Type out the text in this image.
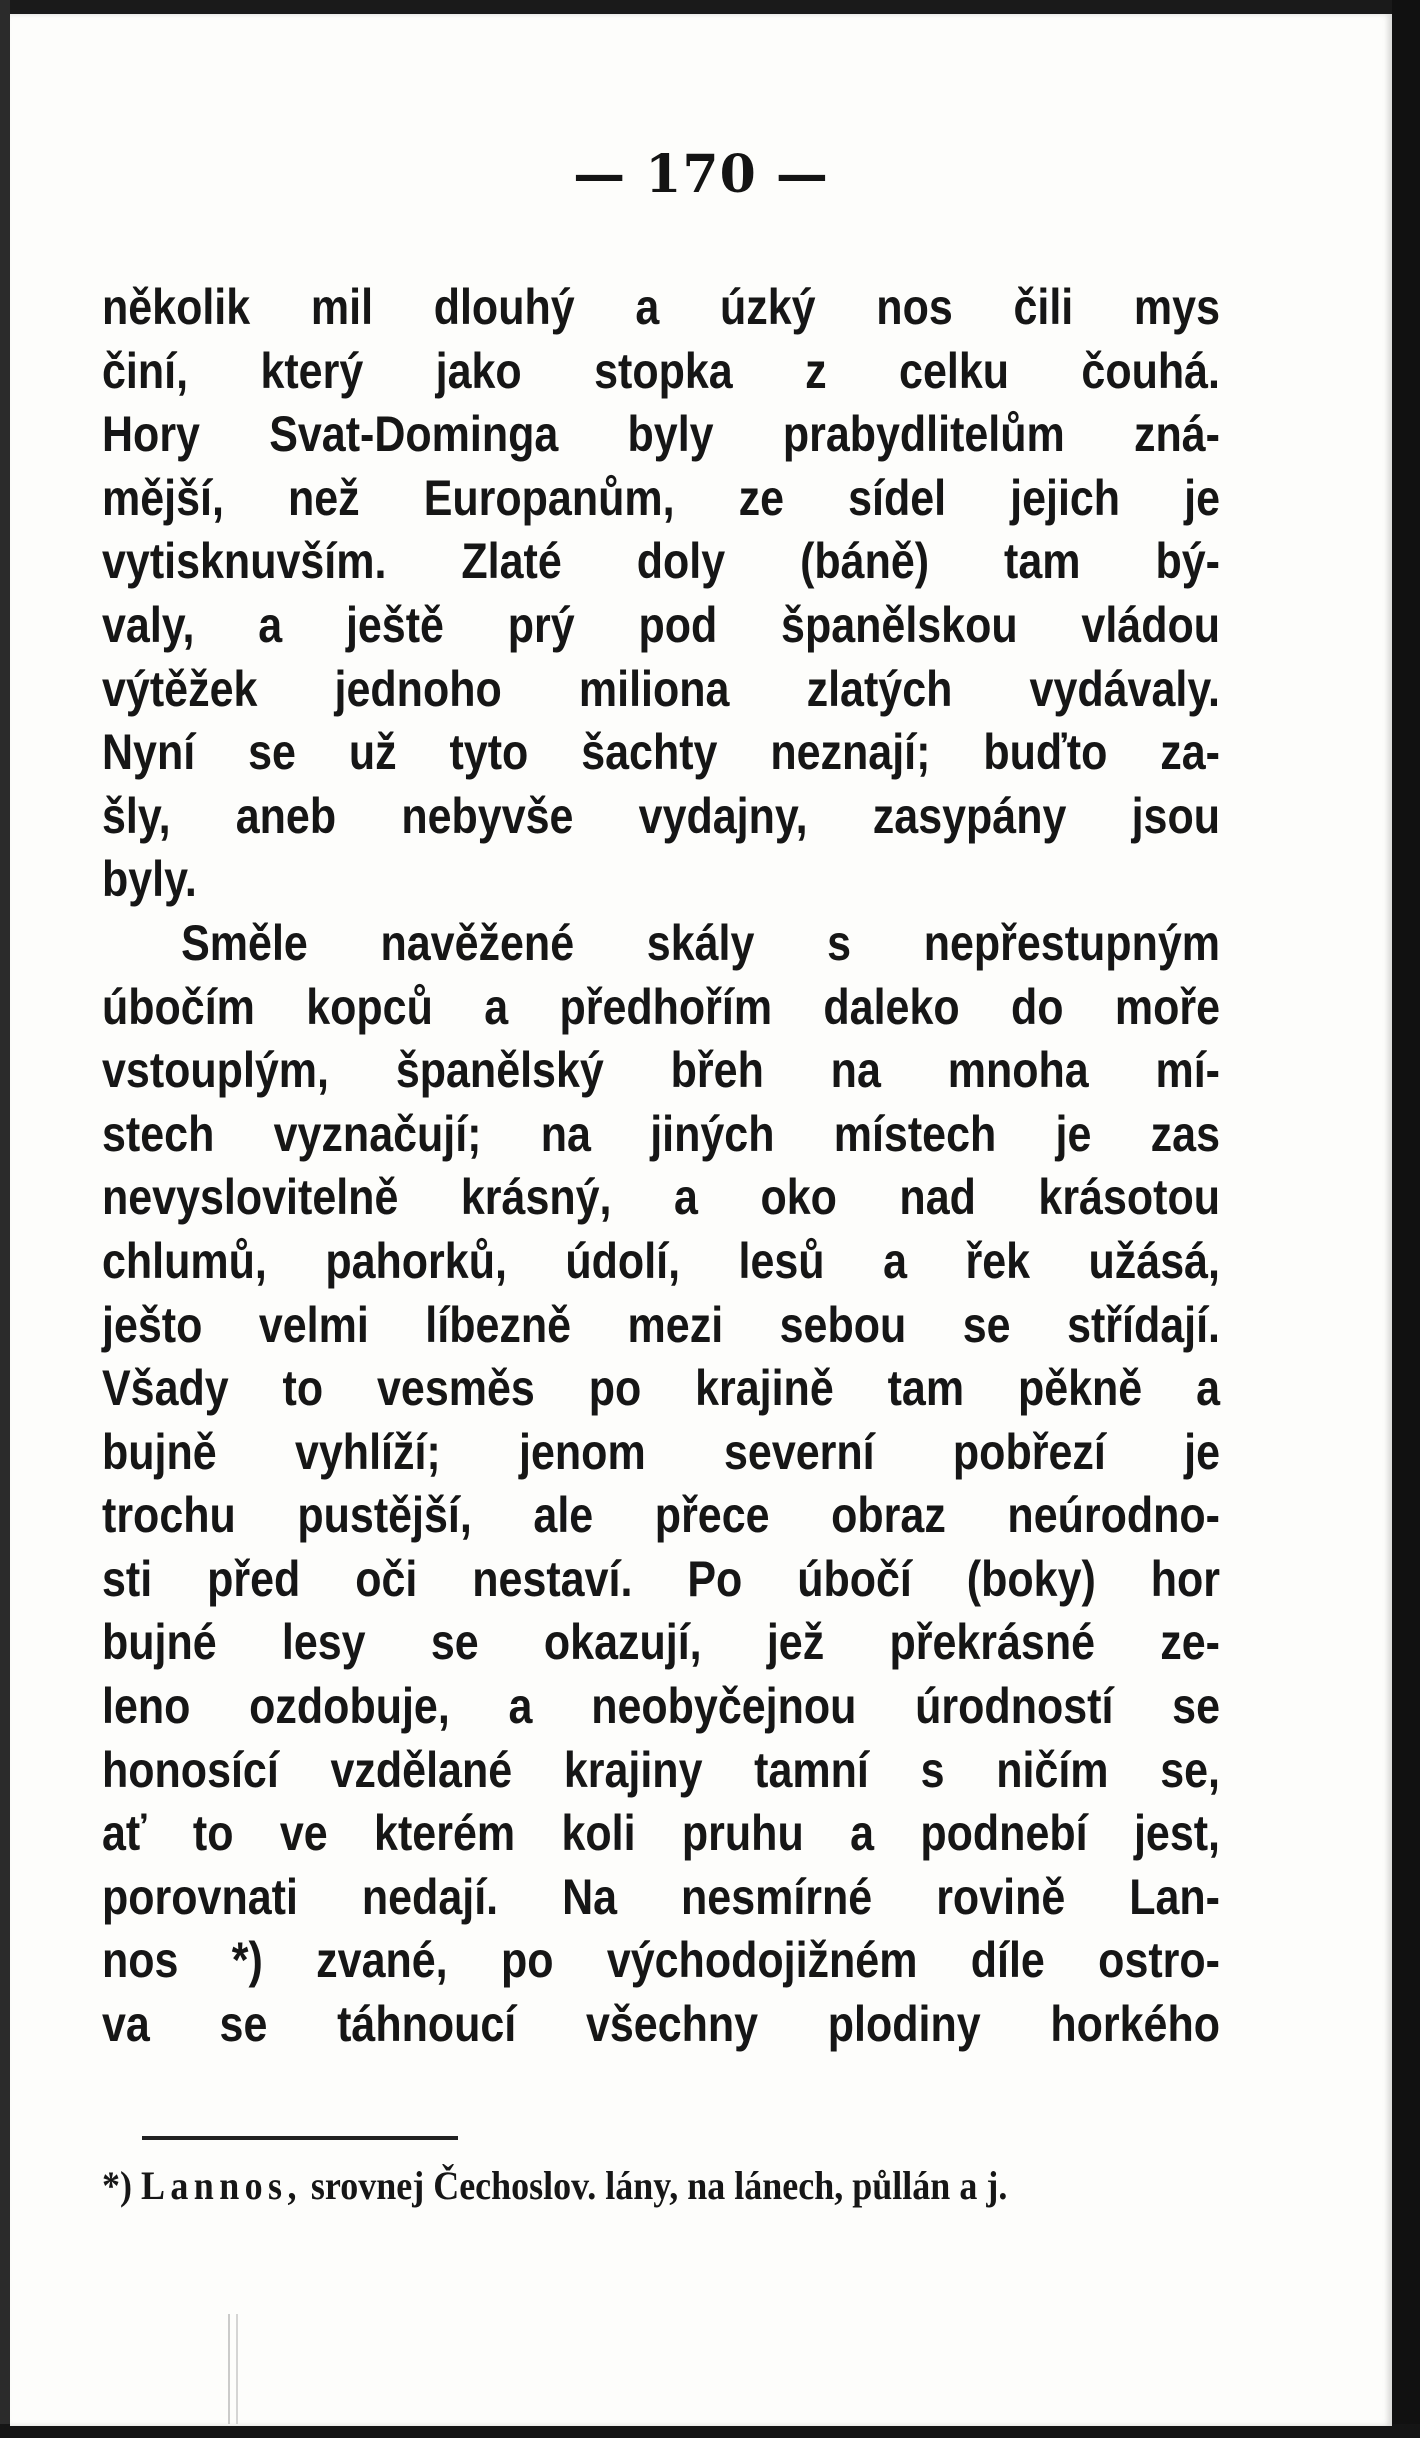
— 170 —
několik mil dlouhý a úzký nos čili mys
činí, který jako stopka z celku čouhá.
Hory Svat-Dominga byly prabydlitelům zná-
mější, než Europanům, ze sídel jejich je
vytisknuvším. Zlaté doly (báně) tam bý-
valy, a ještě prý pod španělskou vládou
výtěžek jednoho miliona zlatých vydávaly.
Nyní se už tyto šachty neznají; buďto za-
šly, aneb nebyvše vydajny, zasypány jsou
byly.
Směle navěžené skály s nepřestupným
úbočím kopců a předhořím daleko do moře
vstouplým, španělský břeh na mnoha mí-
stech vyznačují; na jiných místech je zas
nevyslovitelně krásný, a oko nad krásotou
chlumů, pahorků, údolí, lesů a řek užásá,
ješto velmi líbezně mezi sebou se střídají.
Všady to vesměs po krajině tam pěkně a
bujně vyhlíží; jenom severní pobřezí je
trochu pustější, ale přece obraz neúrodno-
sti před oči nestaví. Po úbočí (boky) hor
bujné lesy se okazují, jež překrásné ze-
leno ozdobuje, a neobyčejnou úrodností se
honosící vzdělané krajiny tamní s ničím se,
ať to ve kterém koli pruhu a podnebí jest,
porovnati nedají. Na nesmírné rovině Lan-
nos *) zvané, po východojižném díle ostro-
va se táhnoucí všechny plodiny horkého
*) Lannos, srovnej Čechoslov. lány, na lánech, půllán a j.
